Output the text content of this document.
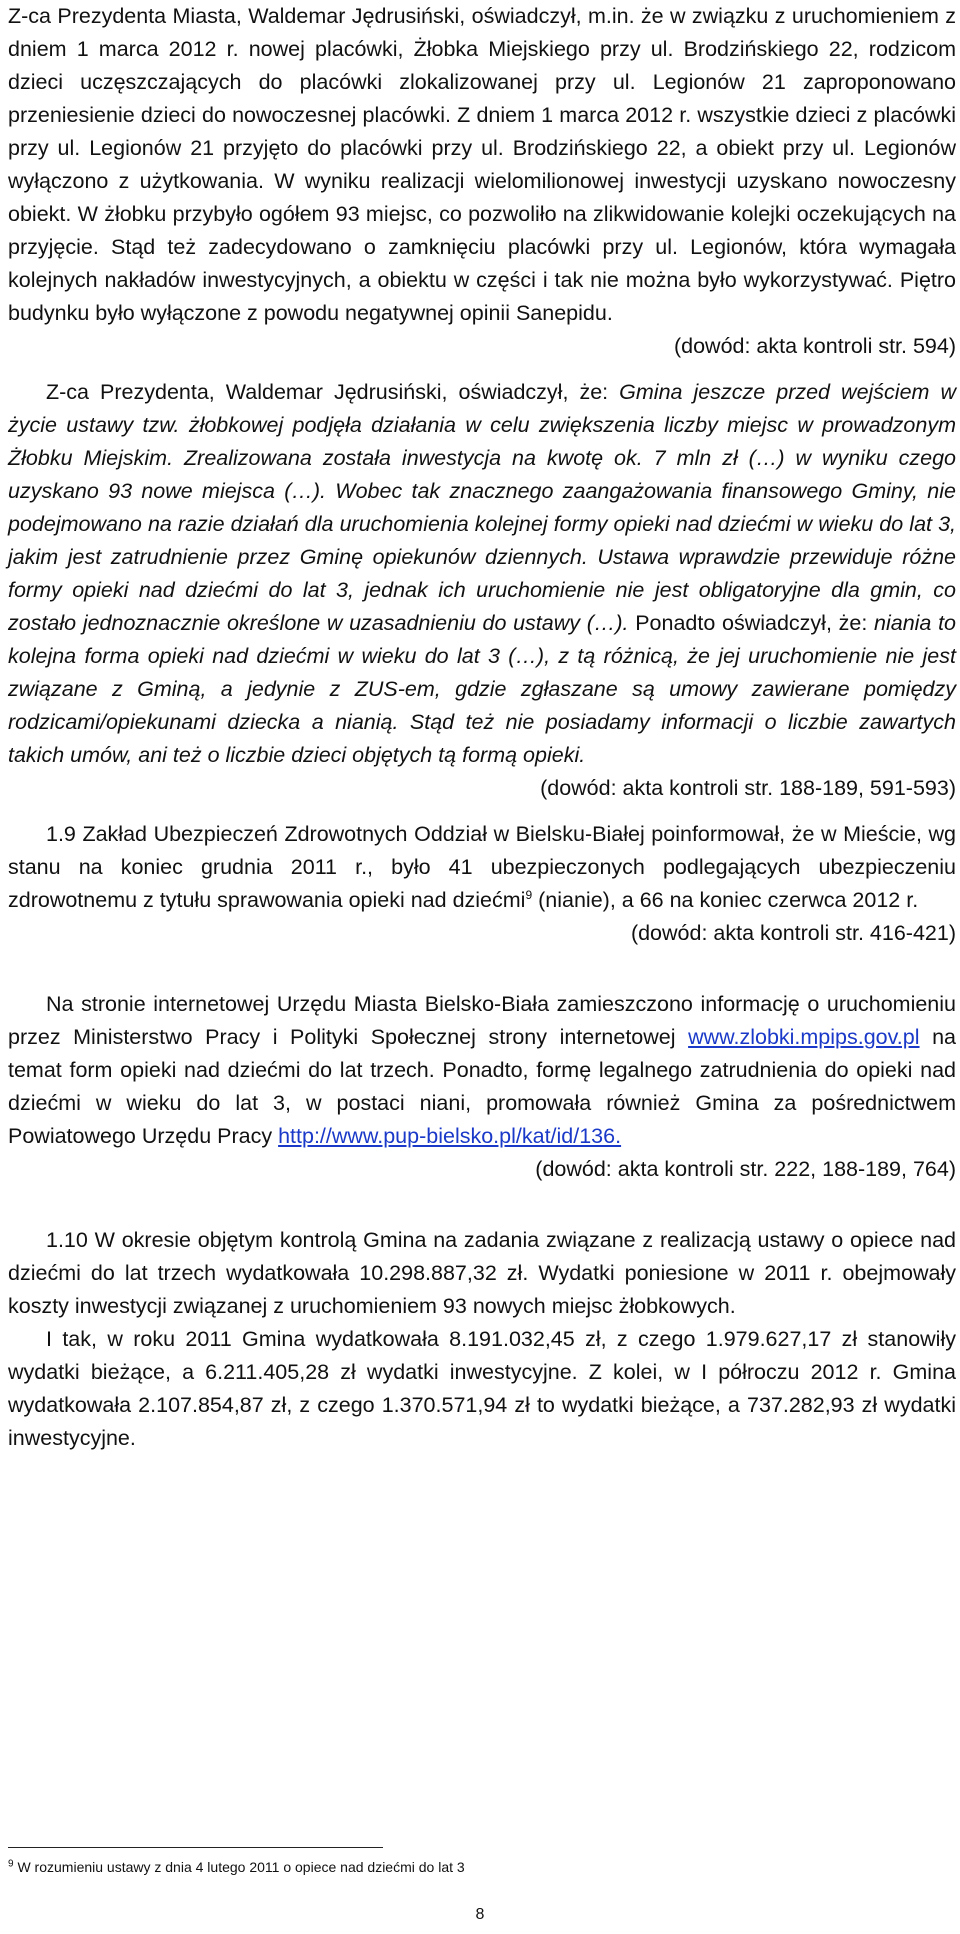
Z-ca Prezydenta Miasta, Waldemar Jędrusiński, oświadczył, m.in. że w związku z uruchomieniem z dniem 1 marca 2012 r. nowej placówki, Żłobka Miejskiego przy ul. Brodzińskiego 22, rodzicom dzieci uczęszczających do placówki zlokalizowanej przy ul. Legionów 21 zaproponowano przeniesienie dzieci do nowoczesnej placówki. Z dniem 1 marca 2012 r. wszystkie dzieci z placówki przy ul. Legionów 21 przyjęto do placówki przy ul. Brodzińskiego 22, a obiekt przy ul. Legionów wyłączono z użytkowania. W wyniku realizacji wielomilionowej inwestycji uzyskano nowoczesny obiekt. W żłobku przybyło ogółem 93 miejsc, co pozwoliło na zlikwidowanie kolejki oczekujących na przyjęcie. Stąd też zadecydowano o zamknięciu placówki przy ul. Legionów, która wymagała kolejnych nakładów inwestycyjnych, a obiektu w części i tak nie można było wykorzystywać. Piętro budynku było wyłączone z powodu negatywnej opinii Sanepidu.

(dowód: akta kontroli str. 594)

Z-ca Prezydenta, Waldemar Jędrusiński, oświadczył, że: Gmina jeszcze przed wejściem w życie ustawy tzw. żłobkowej podjęła działania w celu zwiększenia liczby miejsc w prowadzonym Żłobku Miejskim. Zrealizowana została inwestycja na kwotę ok. 7 mln zł (…) w wyniku czego uzyskano 93 nowe miejsca (…). Wobec tak znacznego zaangażowania finansowego Gminy, nie podejmowano na razie działań dla uruchomienia kolejnej formy opieki nad dziećmi w wieku do lat 3, jakim jest zatrudnienie przez Gminę opiekunów dziennych. Ustawa wprawdzie przewiduje różne formy opieki nad dziećmi do lat 3, jednak ich uruchomienie nie jest obligatoryjne dla gmin, co zostało jednoznacznie określone w uzasadnieniu do ustawy (…). Ponadto oświadczył, że: niania to kolejna forma opieki nad dziećmi w wieku do lat 3 (…), z tą różnicą, że jej uruchomienie nie jest związane z Gminą, a jedynie z ZUS-em, gdzie zgłaszane są umowy zawierane pomiędzy rodzicami/opiekunami dziecka a nianią. Stąd też nie posiadamy informacji o liczbie zawartych takich umów, ani też o liczbie dzieci objętych tą formą opieki.

(dowód: akta kontroli str. 188-189, 591-593)

1.9 Zakład Ubezpieczeń Zdrowotnych Oddział w Bielsku-Białej poinformował, że w Mieście, wg stanu na koniec grudnia 2011 r., było 41 ubezpieczonych podlegających ubezpieczeniu zdrowotnemu z tytułu sprawowania opieki nad dziećmi$^9$ (nianie), a 66 na koniec czerwca 2012 r.

(dowód: akta kontroli str. 416-421)

Na stronie internetowej Urzędu Miasta Bielsko-Biała zamieszczono informację o uruchomieniu przez Ministerstwo Pracy i Polityki Społecznej strony internetowej www.zlobki.mpips.gov.pl na temat form opieki nad dziećmi do lat trzech. Ponadto, formę legalnego zatrudnienia do opieki nad dziećmi w wieku do lat 3, w postaci niani, promowała również Gmina za pośrednictwem Powiatowego Urzędu Pracy http://www.pup-bielsko.pl/kat/id/136.

(dowód: akta kontroli str. 222, 188-189, 764)

1.10 W okresie objętym kontrolą Gmina na zadania związane z realizacją ustawy o opiece nad dziećmi do lat trzech wydatkowała 10.298.887,32 zł. Wydatki poniesione w 2011 r. obejmowały koszty inwestycji związanej z uruchomieniem 93 nowych miejsc żłobkowych.

I tak, w roku 2011 Gmina wydatkowała 8.191.032,45 zł, z czego 1.979.627,17 zł stanowiły wydatki bieżące, a 6.211.405,28 zł wydatki inwestycyjne. Z kolei, w I półroczu 2012 r. Gmina wydatkowała 2.107.854,87 zł, z czego 1.370.571,94 zł to wydatki bieżące, a 737.282,93 zł wydatki inwestycyjne.

$^9$ W rozumieniu ustawy z dnia 4 lutego 2011 o opiece nad dziećmi do lat 3
8
